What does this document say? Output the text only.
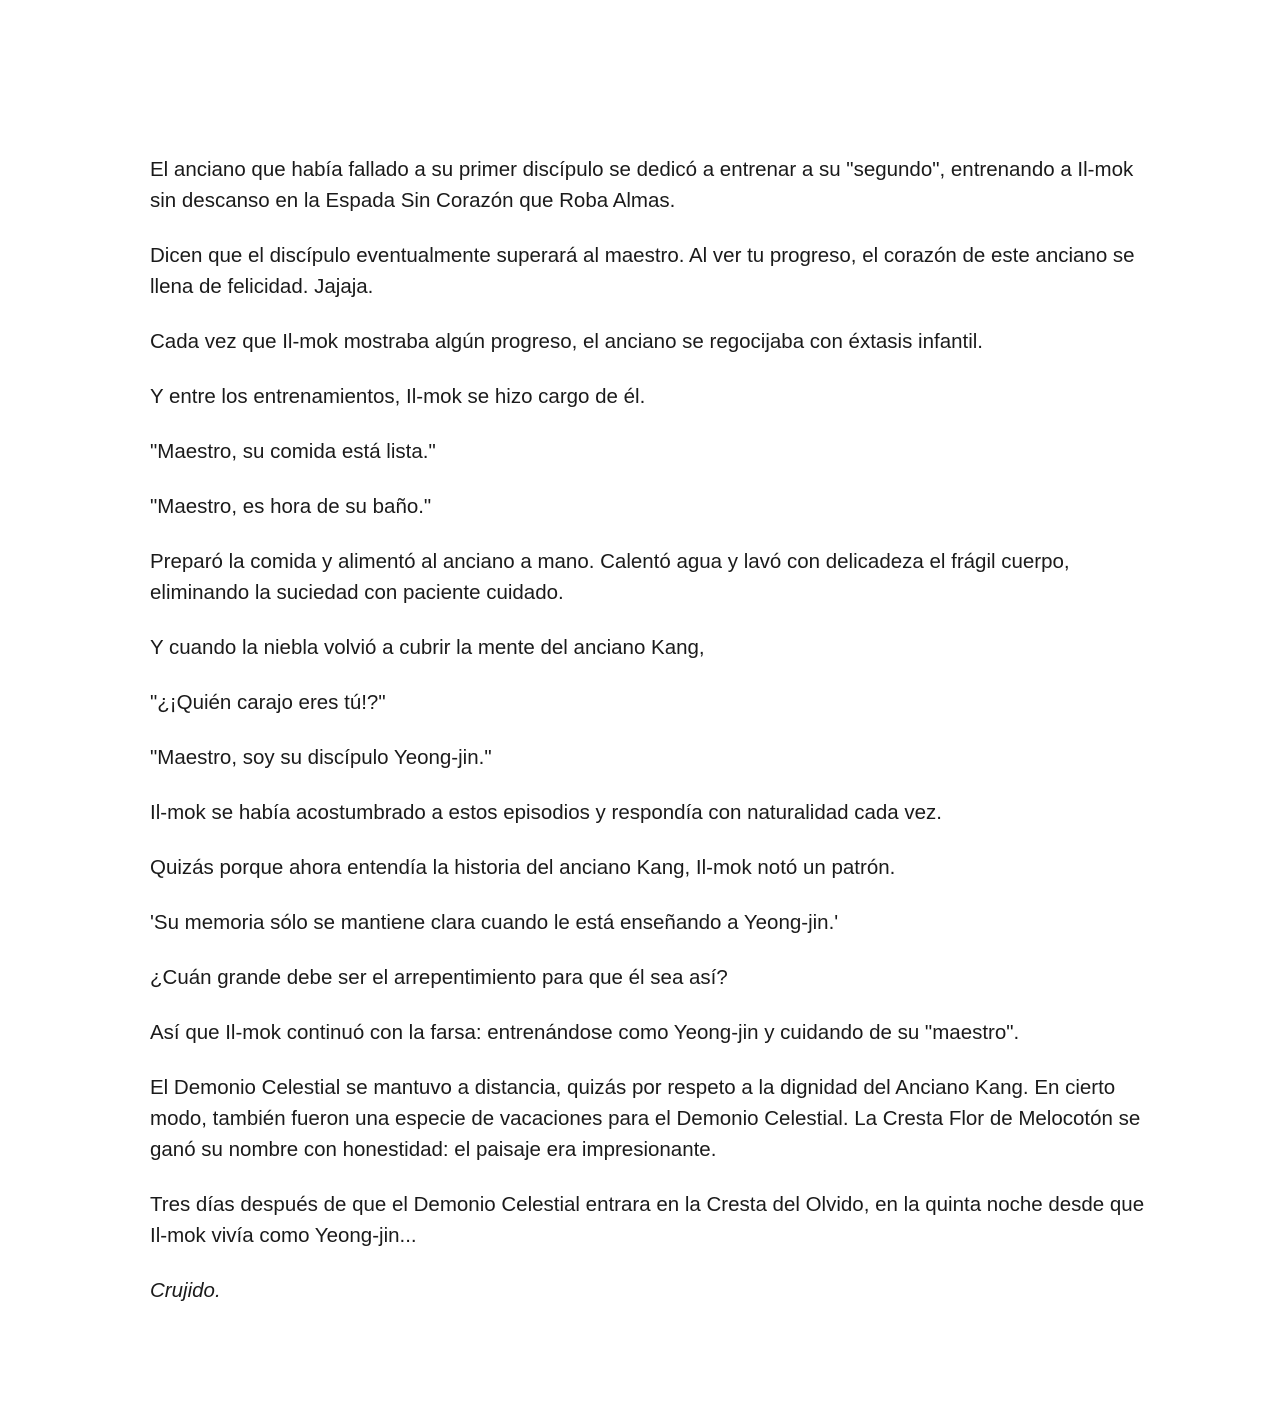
El anciano que había fallado a su primer discípulo se dedicó a entrenar a su "segundo", entrenando a Il-mok sin descanso en la Espada Sin Corazón que Roba Almas.

Dicen que el discípulo eventualmente superará al maestro. Al ver tu progreso, el corazón de este anciano se llena de felicidad. Jajaja.

Cada vez que Il-mok mostraba algún progreso, el anciano se regocijaba con éxtasis infantil.

Y entre los entrenamientos, Il-mok se hizo cargo de él.

"Maestro, su comida está lista."

"Maestro, es hora de su baño."

Preparó la comida y alimentó al anciano a mano. Calentó agua y lavó con delicadeza el frágil cuerpo, eliminando la suciedad con paciente cuidado.

Y cuando la niebla volvió a cubrir la mente del anciano Kang,

"¿¡Quién carajo eres tú!?"

"Maestro, soy su discípulo Yeong-jin."

Il-mok se había acostumbrado a estos episodios y respondía con naturalidad cada vez.

Quizás porque ahora entendía la historia del anciano Kang, Il-mok notó un patrón.

'Su memoria sólo se mantiene clara cuando le está enseñando a Yeong-jin.'

¿Cuán grande debe ser el arrepentimiento para que él sea así?

Así que Il-mok continuó con la farsa: entrenándose como Yeong-jin y cuidando de su "maestro".

El Demonio Celestial se mantuvo a distancia, quizás por respeto a la dignidad del Anciano Kang. En cierto modo, también fueron una especie de vacaciones para el Demonio Celestial. La Cresta Flor de Melocotón se ganó su nombre con honestidad: el paisaje era impresionante.

Tres días después de que el Demonio Celestial entrara en la Cresta del Olvido, en la quinta noche desde que Il-mok vivía como Yeong-jin...

Crujido.
